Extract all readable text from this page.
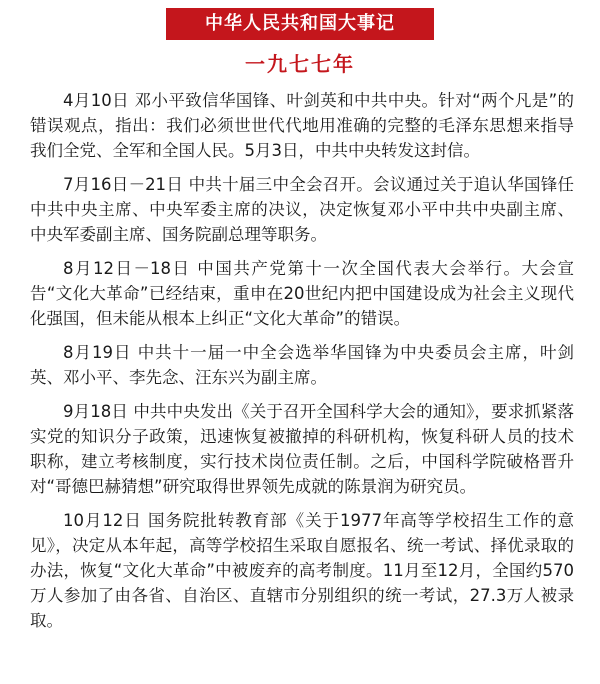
中华人民共和国大事记
一九七七年

4月10日 邓小平致信华国锋、叶剑英和中共中央。针对“两个凡是”的错误观点，指出：我们必须世世代代地用准确的完整的毛泽东思想来指导我们全党、全军和全国人民。5月3日，中共中央转发这封信。

7月16日－21日 中共十届三中全会召开。会议通过关于追认华国锋任中共中央主席、中央军委主席的决议，决定恢复邓小平中共中央副主席、中央军委副主席、国务院副总理等职务。

8月12日－18日 中国共产党第十一次全国代表大会举行。大会宣告“文化大革命”已经结束，重申在20世纪内把中国建设成为社会主义现代化强国，但未能从根本上纠正“文化大革命”的错误。

8月19日 中共十一届一中全会选举华国锋为中央委员会主席，叶剑英、邓小平、李先念、汪东兴为副主席。

9月18日 中共中央发出《关于召开全国科学大会的通知》，要求抓紧落实党的知识分子政策，迅速恢复被撤掉的科研机构，恢复科研人员的技术职称，建立考核制度，实行技术岗位责任制。之后，中国科学院破格晋升对“哥德巴赫猜想”研究取得世界领先成就的陈景润为研究员。

10月12日 国务院批转教育部《关于1977年高等学校招生工作的意见》，决定从本年起，高等学校招生采取自愿报名、统一考试、择优录取的办法，恢复“文化大革命”中被废弃的高考制度。11月至12月，全国约570万人参加了由各省、自治区、直辖市分别组织的统一考试，27.3万人被录取。
